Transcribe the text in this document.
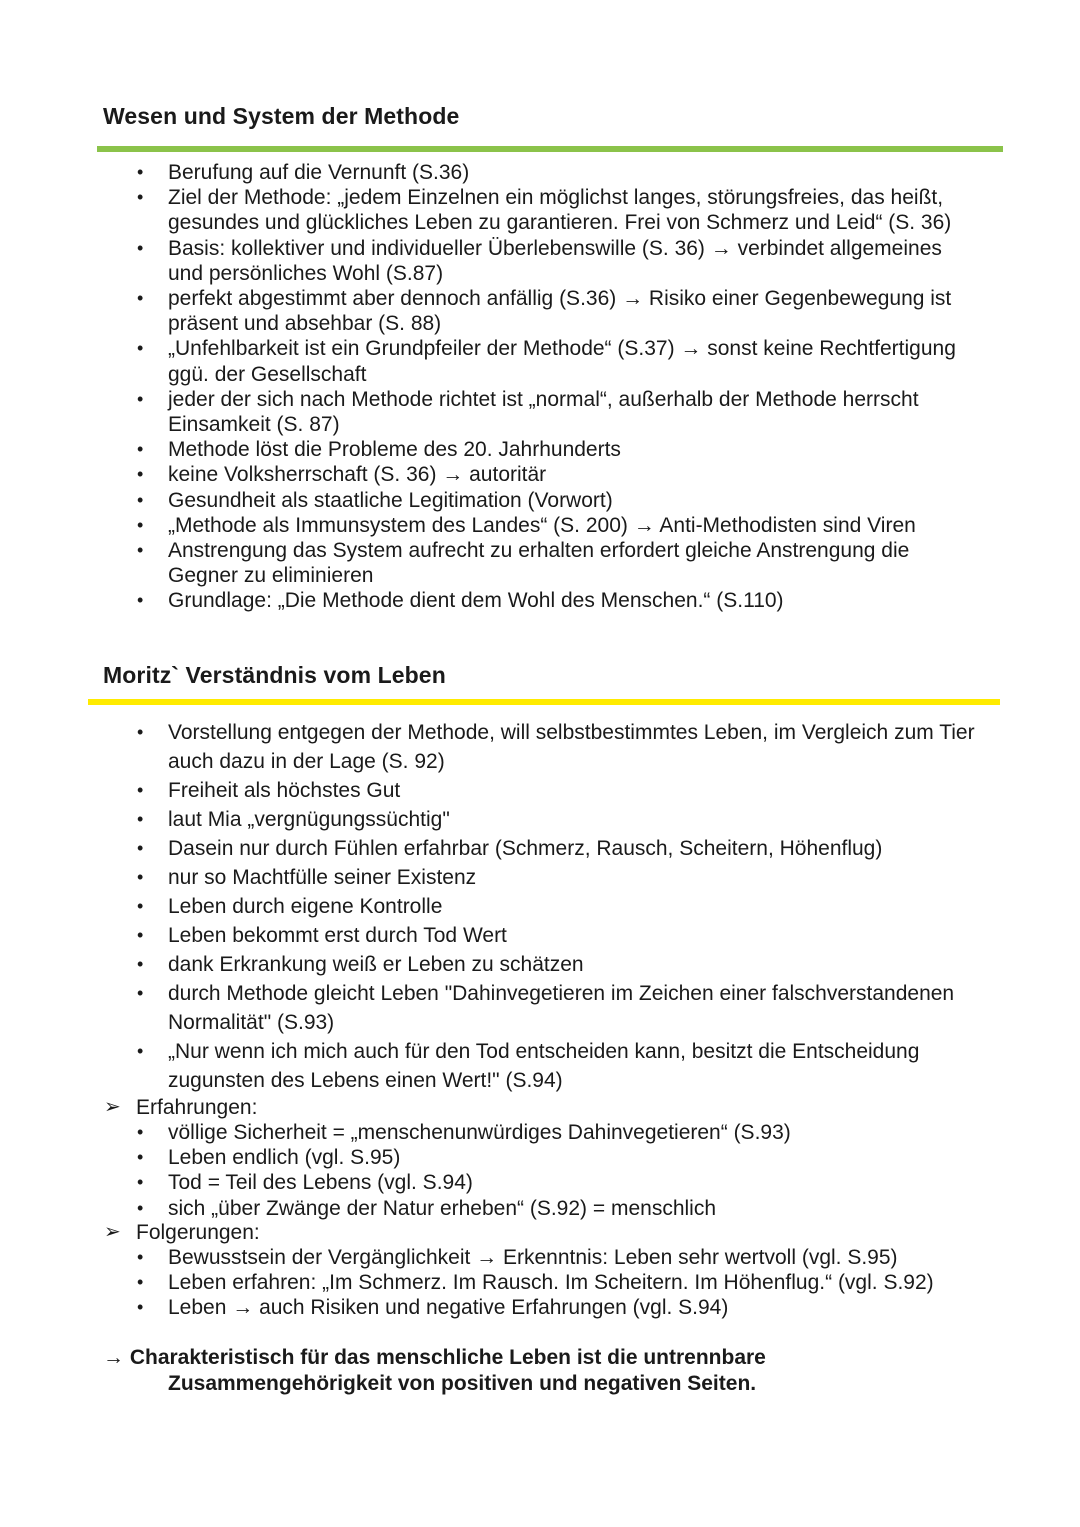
Wesen und System der Methode
• Berufung auf die Vernunft (S.36)
• Ziel der Methode: „jedem Einzelnen ein möglichst langes, störungsfreies, das heißt, gesundes und glückliches Leben zu garantieren. Frei von Schmerz und Leid“ (S. 36)
• Basis: kollektiver und individueller Überlebenswille (S. 36) → verbindet allgemeines und persönliches Wohl (S.87)
• perfekt abgestimmt aber dennoch anfällig (S.36) → Risiko einer Gegenbewegung ist präsent und absehbar (S. 88)
• „Unfehlbarkeit ist ein Grundpfeiler der Methode“ (S.37) → sonst keine Rechtfertigung ggü. der Gesellschaft
• jeder der sich nach Methode richtet ist „normal“, außerhalb der Methode herrscht Einsamkeit (S. 87)
• Methode löst die Probleme des 20. Jahrhunderts
• keine Volksherrschaft (S. 36) → autoritär
• Gesundheit als staatliche Legitimation (Vorwort)
• „Methode als Immunsystem des Landes“ (S. 200) → Anti-Methodisten sind Viren
• Anstrengung das System aufrecht zu erhalten erfordert gleiche Anstrengung die Gegner zu eliminieren
• Grundlage: „Die Methode dient dem Wohl des Menschen.“ (S.110)
Moritz` Verständnis vom Leben
• Vorstellung entgegen der Methode, will selbstbestimmtes Leben, im Vergleich zum Tier auch dazu in der Lage (S. 92)
• Freiheit als höchstes Gut
• laut Mia „vergnügungssüchtig"
• Dasein nur durch Fühlen erfahrbar (Schmerz, Rausch, Scheitern, Höhenflug)
• nur so Machtfülle seiner Existenz
• Leben durch eigene Kontrolle
• Leben bekommt erst durch Tod Wert
• dank Erkrankung weiß er Leben zu schätzen
• durch Methode gleicht Leben "Dahinvegetieren im Zeichen einer falschverstandenen Normalität" (S.93)
• „Nur wenn ich mich auch für den Tod entscheiden kann, besitzt die Entscheidung zugunsten des Lebens einen Wert!" (S.94)
➢ Erfahrungen:
• völlige Sicherheit = „menschenunwürdiges Dahinvegetieren“ (S.93)
• Leben endlich (vgl. S.95)
• Tod = Teil des Lebens (vgl. S.94)
• sich „über Zwänge der Natur erheben“ (S.92) = menschlich
➢ Folgerungen:
• Bewusstsein der Vergänglichkeit → Erkenntnis: Leben sehr wertvoll (vgl. S.95)
• Leben erfahren: „Im Schmerz. Im Rausch. Im Scheitern. Im Höhenflug.“ (vgl. S.92)
• Leben → auch Risiken und negative Erfahrungen (vgl. S.94)
→ Charakteristisch für das menschliche Leben ist die untrennbare
Zusammengehörigkeit von positiven und negativen Seiten.
